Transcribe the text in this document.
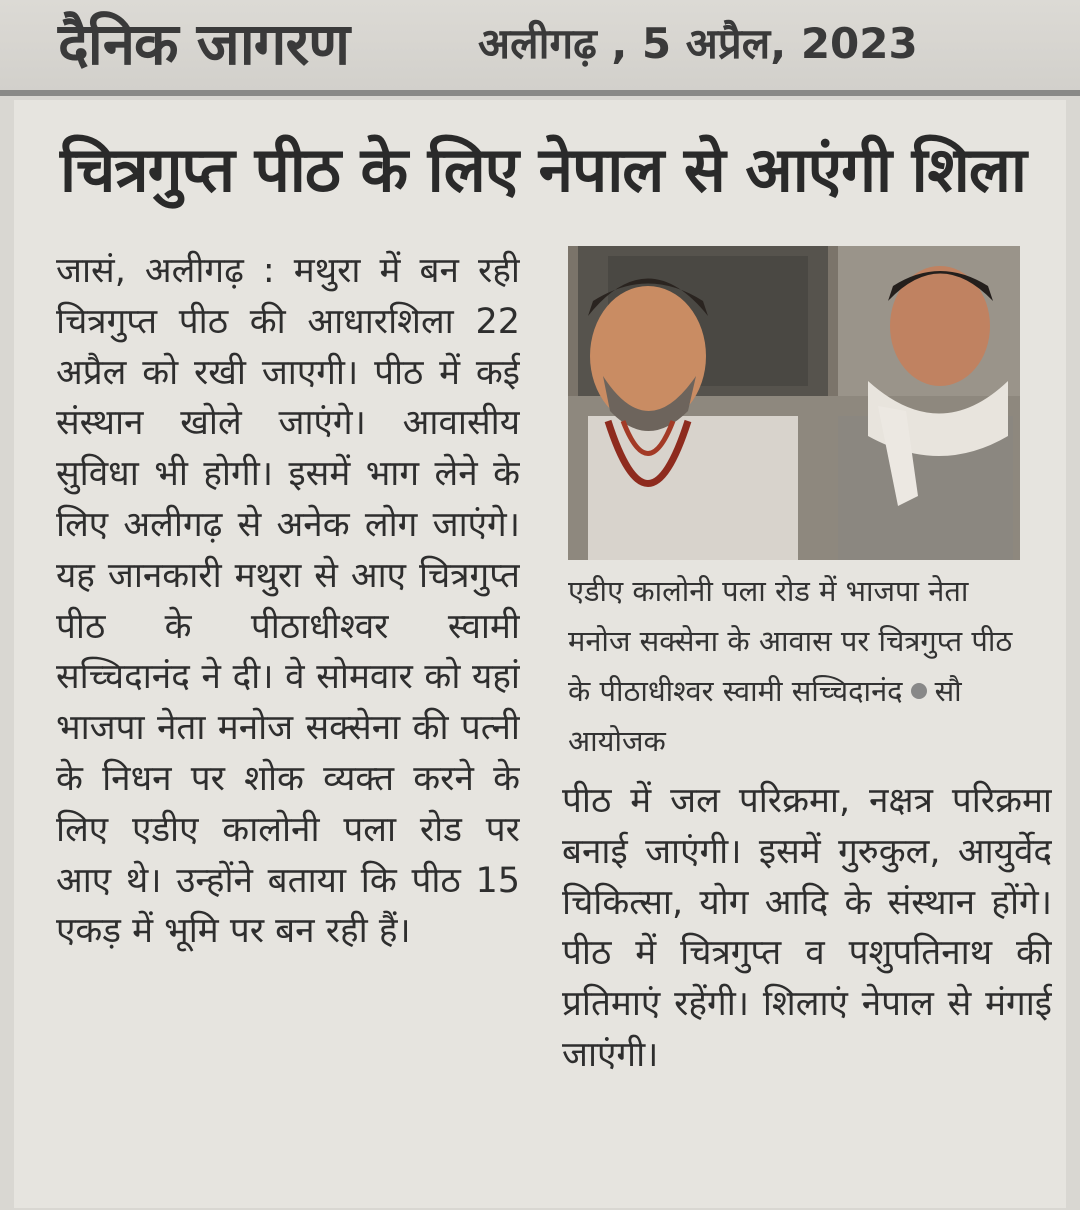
दैनिक जागरण	अलीगढ़ , 5 अप्रैल, 2023
चित्रगुप्त पीठ के लिए नेपाल से आएंगी शिला
जासं, अलीगढ़ : मथुरा में बन रही चित्रगुप्त पीठ की आधारशिला 22 अप्रैल को रखी जाएगी। पीठ में कई संस्थान खोले जाएंगे। आवासीय सुविधा भी होगी। इसमें भाग लेने के लिए अलीगढ़ से अनेक लोग जाएंगे। यह जानकारी मथुरा से आए चित्रगुप्त पीठ के पीठाधीश्वर स्वामी सच्चिदानंद ने दी। वे सोमवार को यहां भाजपा नेता मनोज सक्सेना की पत्नी के निधन पर शोक व्यक्त करने के लिए एडीए कालोनी पला रोड पर आए थे। उन्होंने बताया कि पीठ 15 एकड़ में भूमि पर बन रही हैं।
एडीए कालोनी पला रोड में भाजपा नेता मनोज सक्सेना के आवास पर चित्रगुप्त पीठ के पीठाधीश्वर स्वामी सच्चिदानंद सौ आयोजक
पीठ में जल परिक्रमा, नक्षत्र परिक्रमा बनाई जाएंगी। इसमें गुरुकुल, आयुर्वेद चिकित्सा, योग आदि के संस्थान होंगे। पीठ में चित्रगुप्त व पशुपतिनाथ की प्रतिमाएं रहेंगी। शिलाएं नेपाल से मंगाई जाएंगी।
